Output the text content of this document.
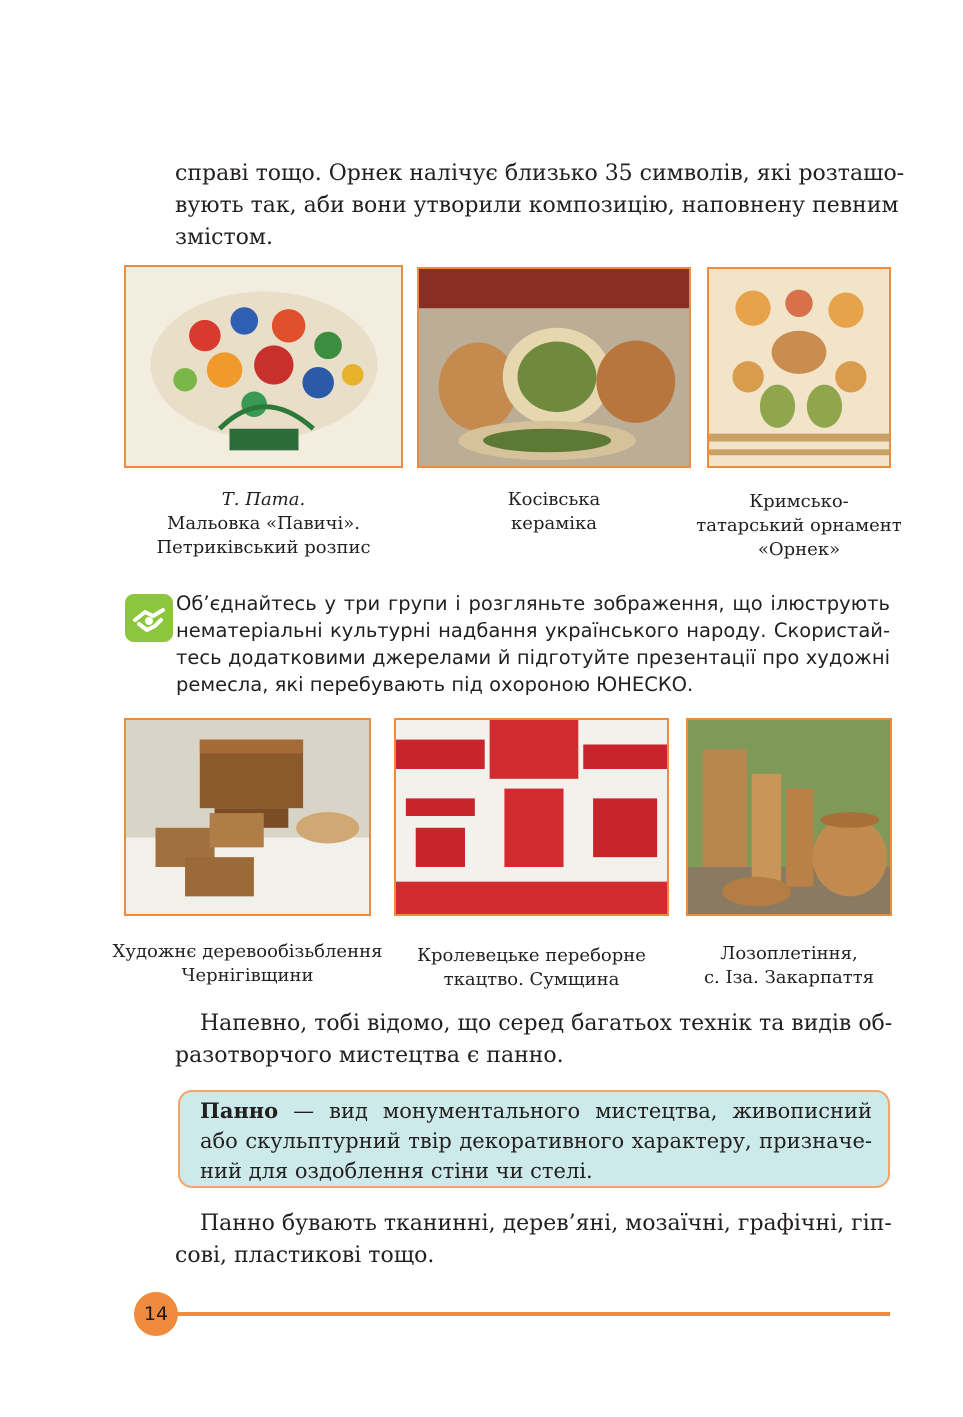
справі тощо. Орнек налічує близько 35 символів, які розташо-
вують так, аби вони утворили композицію, наповнену певним
змістом.

Т. Пата.
Мальовка «Павичі».
Петриківський розпис
Косівська
кераміка
Кримсько-
татарський орнамент
«Орнек»

Об’єднайтесь у три групи і розгляньте зображення, що ілюструють
нематеріальні культурні надбання українського народу. Скористай-
тесь додатковими джерелами й підготуйте презентації про художні
ремесла, які перебувають під охороною ЮНЕСКО.

Художнє деревообізьблення
Чернігівщини
Кролевецьке переборне
ткацтво. Сумщина
Лозоплетіння,
с. Іза. Закарпаття

Напевно, тобі відомо, що серед багатьох технік та видів об-
разотворчого мистецтва є панно.

Панно — вид монументального мистецтва, живописний
або скульптурний твір декоративного характеру, призначе-
ний для оздоблення стіни чи стелі.

Панно бувають тканинні, дерев’яні, мозаїчні, графічні, гіп-
сові, пластикові тощо.

14
